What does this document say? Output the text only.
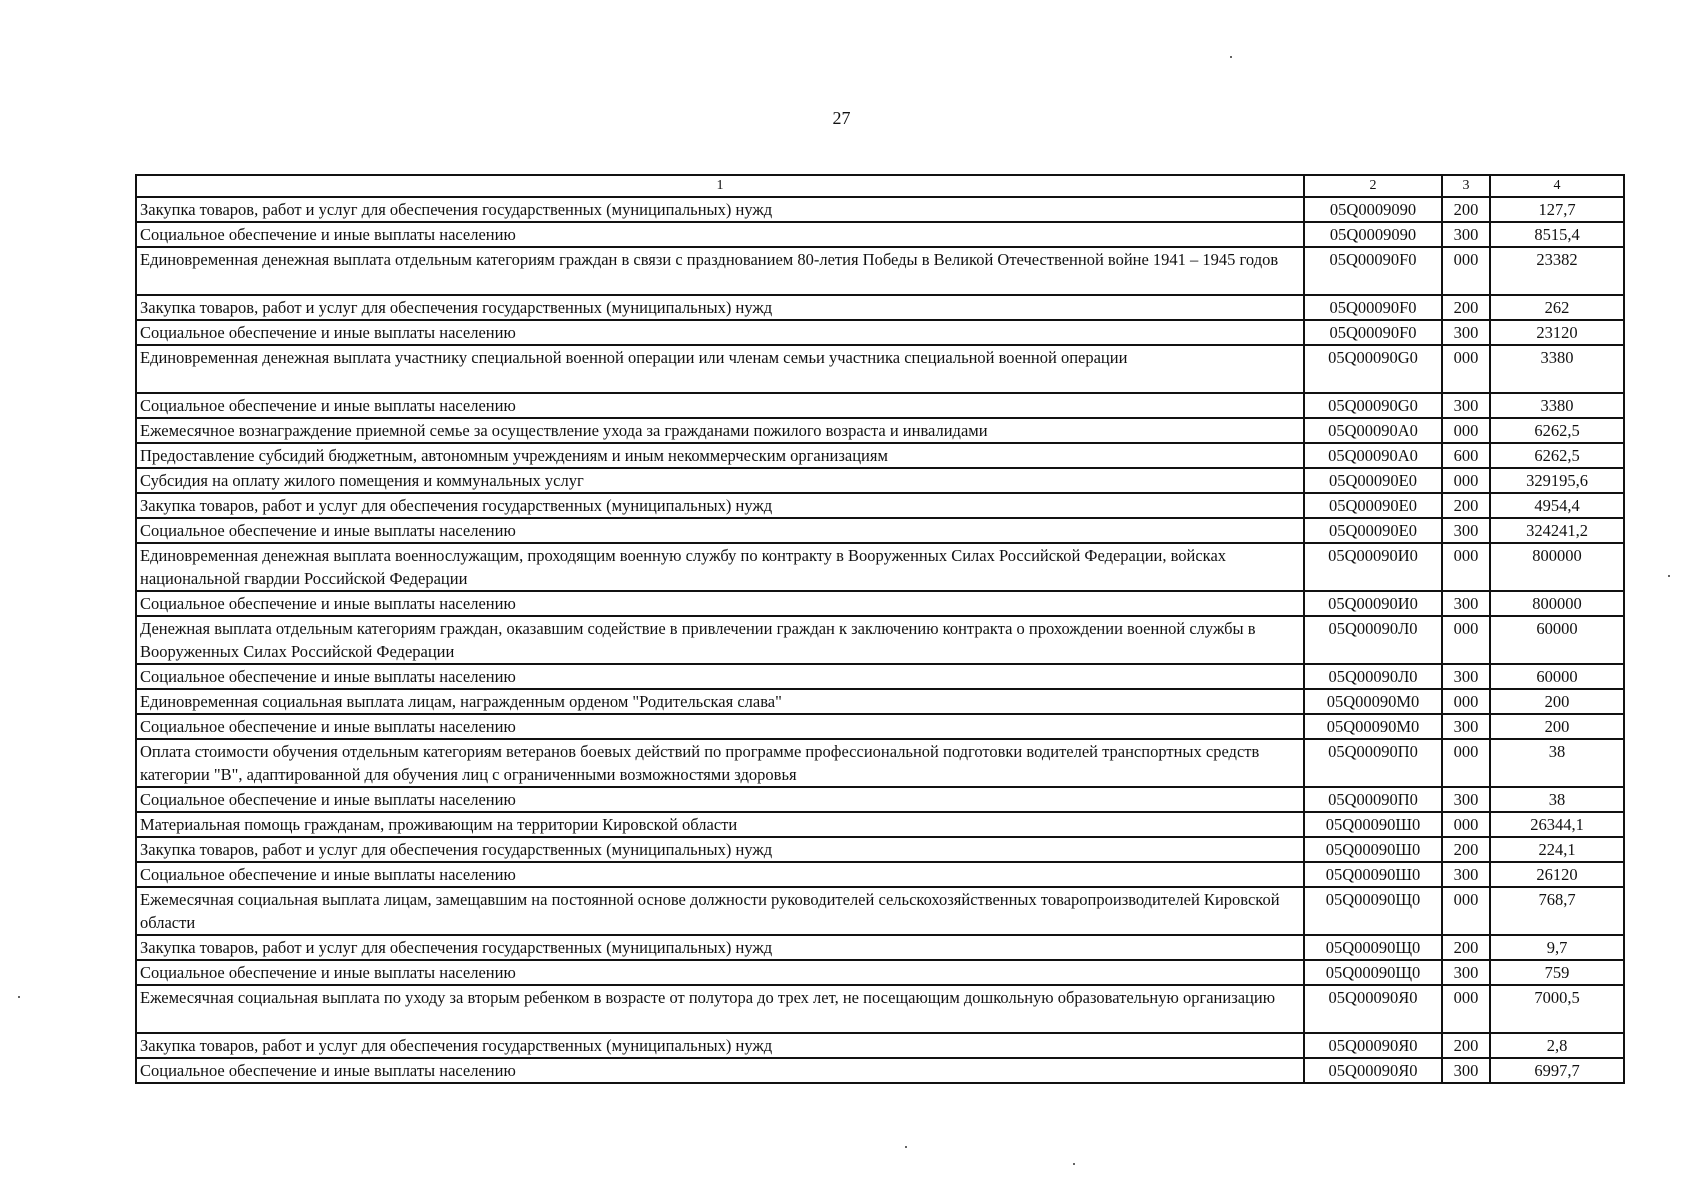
27
1	2	3	4
Закупка товаров, работ и услуг для обеспечения государственных (муниципальных) нужд	05Q0009090	200	127,7
Социальное обеспечение и иные выплаты населению	05Q0009090	300	8515,4
Единовременная денежная выплата отдельным категориям граждан в связи с празднованием 80-летия Победы в Великой Отечественной войне 1941 – 1945 годов	05Q00090F0	000	23382
Закупка товаров, работ и услуг для обеспечения государственных (муниципальных) нужд	05Q00090F0	200	262
Социальное обеспечение и иные выплаты населению	05Q00090F0	300	23120
Единовременная денежная выплата участнику специальной военной операции или членам семьи участника специальной военной операции	05Q00090G0	000	3380
Социальное обеспечение и иные выплаты населению	05Q00090G0	300	3380
Ежемесячное вознаграждение приемной семье за осуществление ухода за гражданами пожилого возраста и инвалидами	05Q00090A0	000	6262,5
Предоставление субсидий бюджетным, автономным учреждениям и иным некоммерческим организациям	05Q00090A0	600	6262,5
Субсидия на оплату жилого помещения и коммунальных услуг	05Q00090E0	000	329195,6
Закупка товаров, работ и услуг для обеспечения государственных (муниципальных) нужд	05Q00090E0	200	4954,4
Социальное обеспечение и иные выплаты населению	05Q00090E0	300	324241,2
Единовременная денежная выплата военнослужащим, проходящим военную службу по контракту в Вооруженных Силах Российской Федерации, войсках национальной гвардии Российской Федерации	05Q00090И0	000	800000
Социальное обеспечение и иные выплаты населению	05Q00090И0	300	800000
Денежная выплата отдельным категориям граждан, оказавшим содействие в привлечении граждан к заключению контракта о прохождении военной службы в Вооруженных Силах Российской Федерации	05Q00090Л0	000	60000
Социальное обеспечение и иные выплаты населению	05Q00090Л0	300	60000
Единовременная социальная выплата лицам, награжденным орденом "Родительская слава"	05Q00090М0	000	200
Социальное обеспечение и иные выплаты населению	05Q00090М0	300	200
Оплата стоимости обучения отдельным категориям ветеранов боевых действий по программе профессиональной подготовки водителей транспортных средств категории "B", адаптированной для обучения лиц с ограниченными возможностями здоровья	05Q00090П0	000	38
Социальное обеспечение и иные выплаты населению	05Q00090П0	300	38
Материальная помощь гражданам, проживающим на территории Кировской области	05Q00090Ш0	000	26344,1
Закупка товаров, работ и услуг для обеспечения государственных (муниципальных) нужд	05Q00090Ш0	200	224,1
Социальное обеспечение и иные выплаты населению	05Q00090Ш0	300	26120
Ежемесячная социальная выплата лицам, замещавшим на постоянной основе должности руководителей сельскохозяйственных товаропроизводителей Кировской области	05Q00090Щ0	000	768,7
Закупка товаров, работ и услуг для обеспечения государственных (муниципальных) нужд	05Q00090Щ0	200	9,7
Социальное обеспечение и иные выплаты населению	05Q00090Щ0	300	759
Ежемесячная социальная выплата по уходу за вторым ребенком в возрасте от полутора до трех лет, не посещающим дошкольную образовательную организацию	05Q00090Я0	000	7000,5
Закупка товаров, работ и услуг для обеспечения государственных (муниципальных) нужд	05Q00090Я0	200	2,8
Социальное обеспечение и иные выплаты населению	05Q00090Я0	300	6997,7
